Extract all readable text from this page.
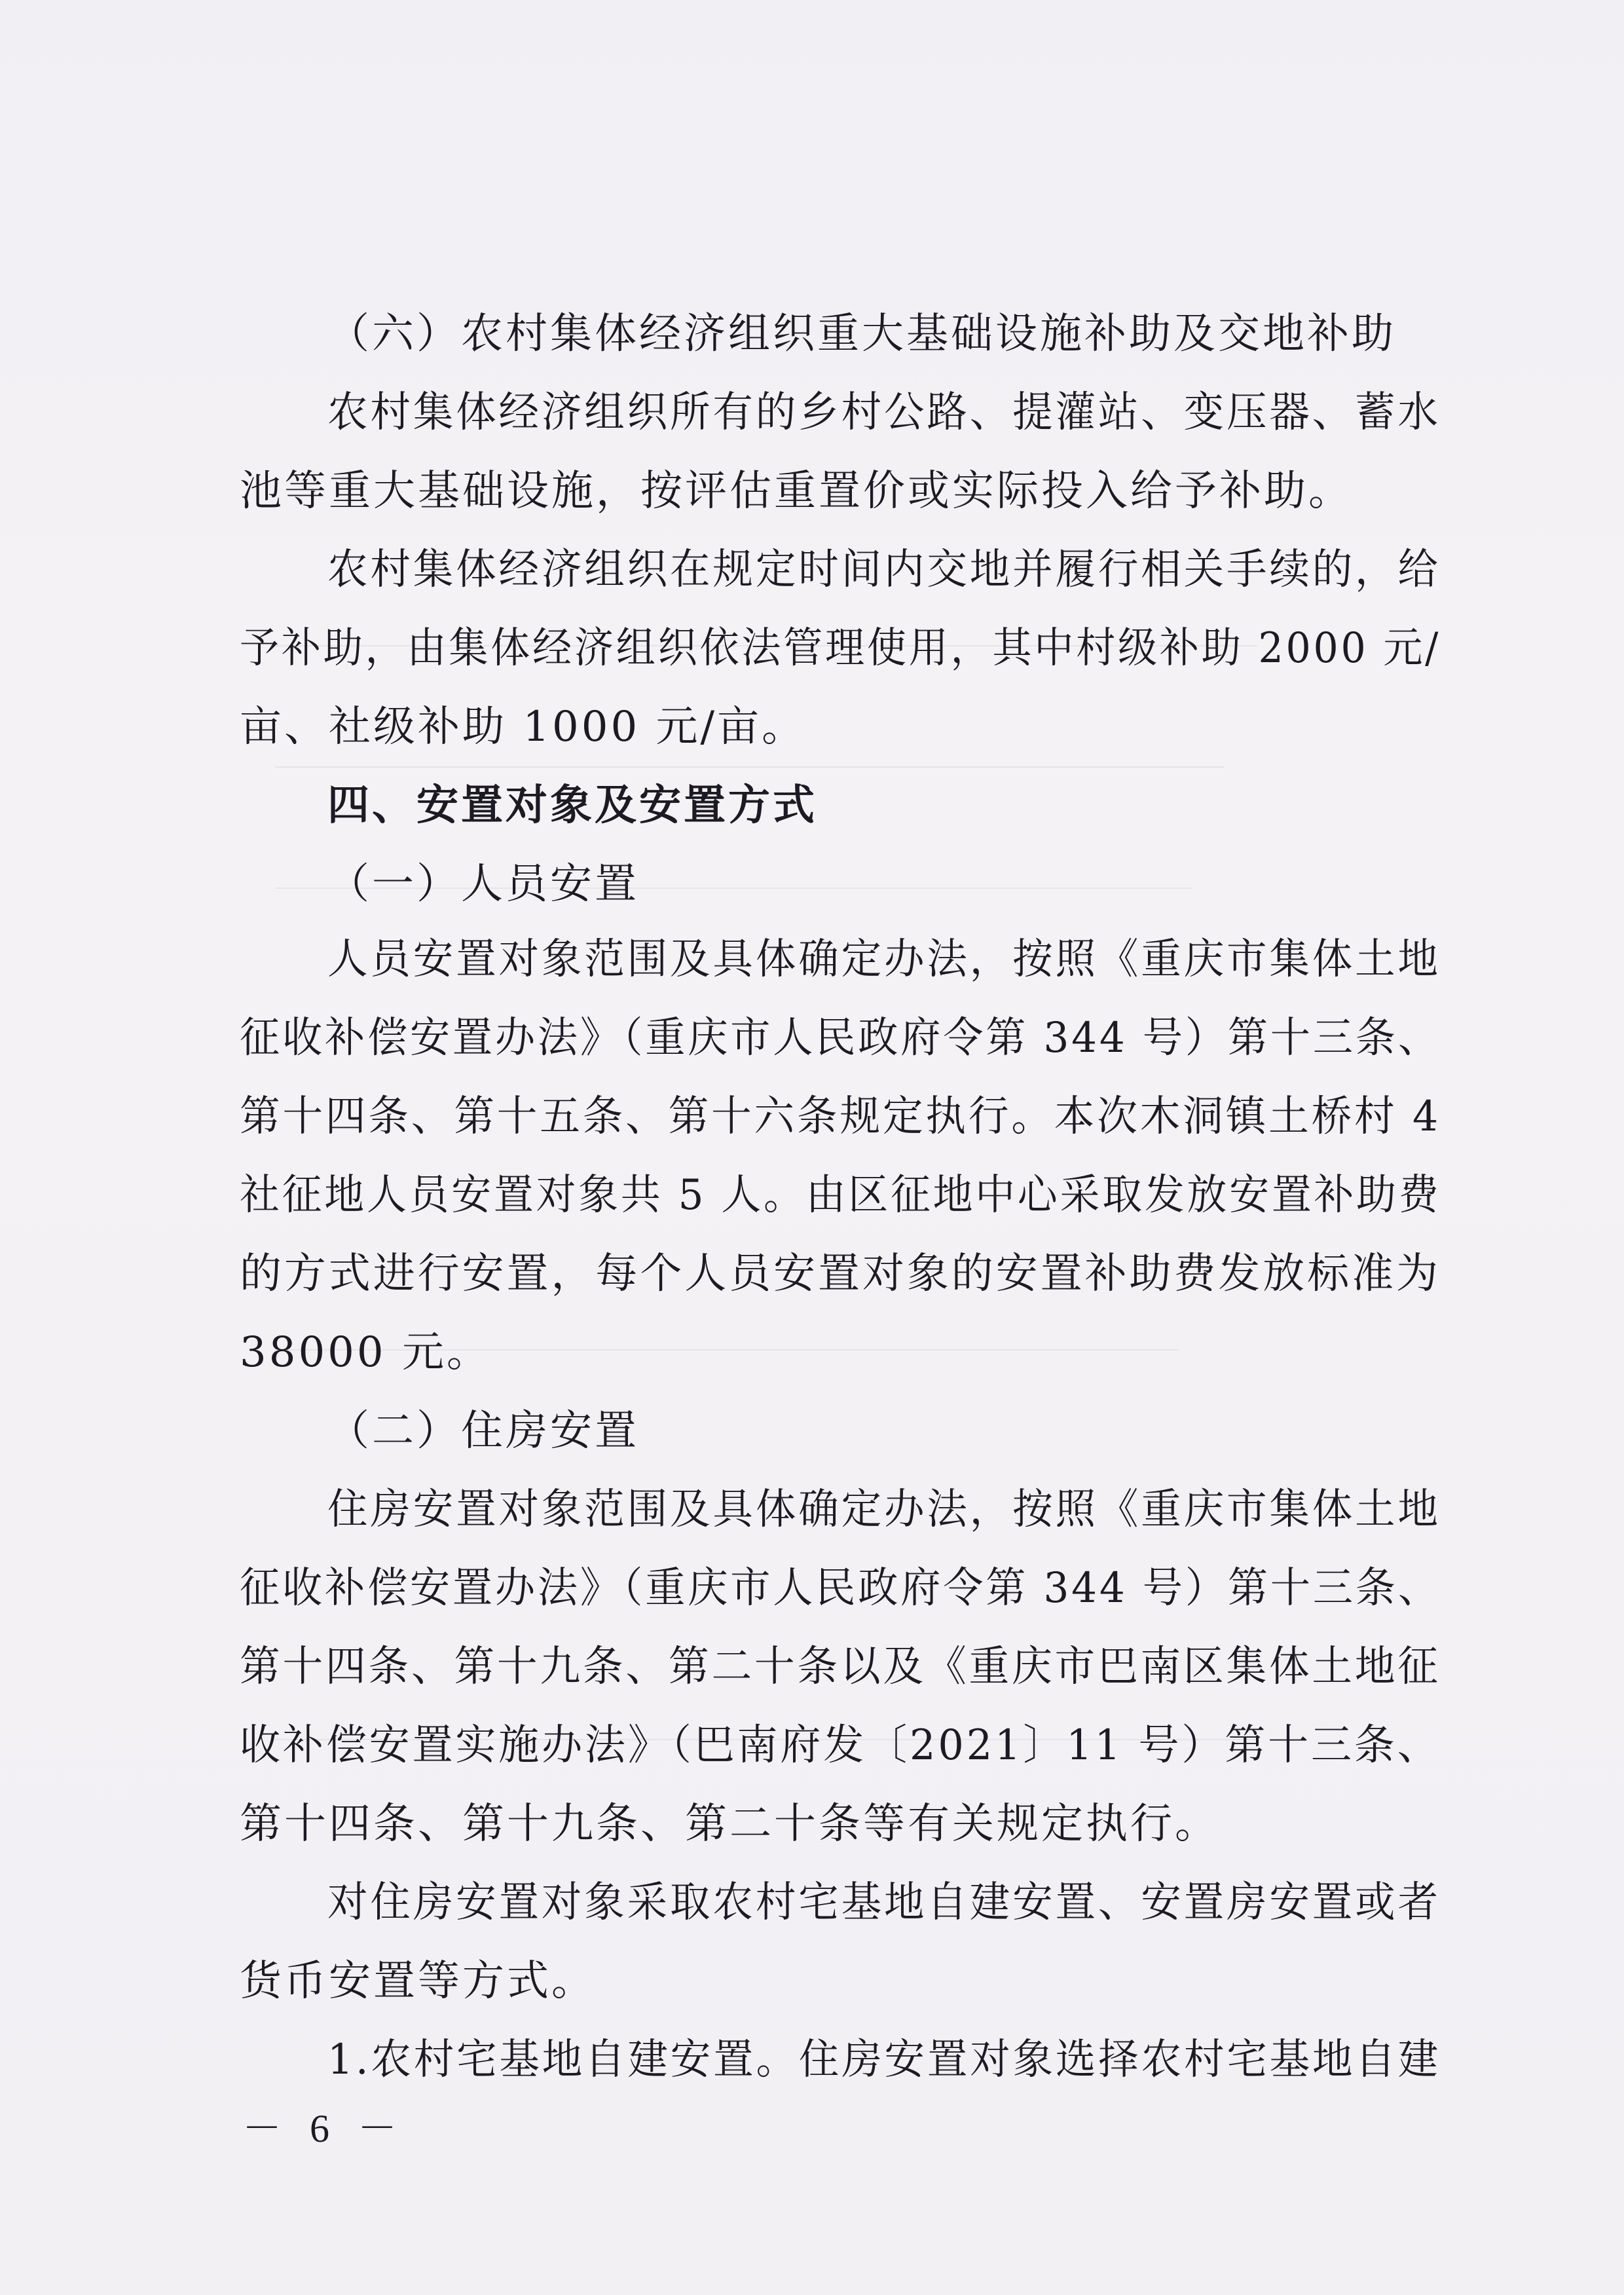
（六）农村集体经济组织重大基础设施补助及交地补助
农村集体经济组织所有的乡村公路、提灌站、变压器、蓄水
池等重大基础设施，按评估重置价或实际投入给予补助。
农村集体经济组织在规定时间内交地并履行相关手续的，给
予补助，由集体经济组织依法管理使用，其中村级补助 2000 元/
亩、社级补助 1000 元/亩。
四、安置对象及安置方式
（一）人员安置
人员安置对象范围及具体确定办法，按照《重庆市集体土地
征收补偿安置办法》（重庆市人民政府令第 344 号）第十三条、
第十四条、第十五条、第十六条规定执行。本次木洞镇土桥村 4
社征地人员安置对象共 5 人。由区征地中心采取发放安置补助费
的方式进行安置，每个人员安置对象的安置补助费发放标准为
38000 元。
（二）住房安置
住房安置对象范围及具体确定办法，按照《重庆市集体土地
征收补偿安置办法》（重庆市人民政府令第 344 号）第十三条、
第十四条、第十九条、第二十条以及《重庆市巴南区集体土地征
收补偿安置实施办法》（巴南府发〔2021〕11 号）第十三条、
第十四条、第十九条、第二十条等有关规定执行。
对住房安置对象采取农村宅基地自建安置、安置房安置或者
货币安置等方式。
1.农村宅基地自建安置。住房安置对象选择农村宅基地自建
－ 6 －
